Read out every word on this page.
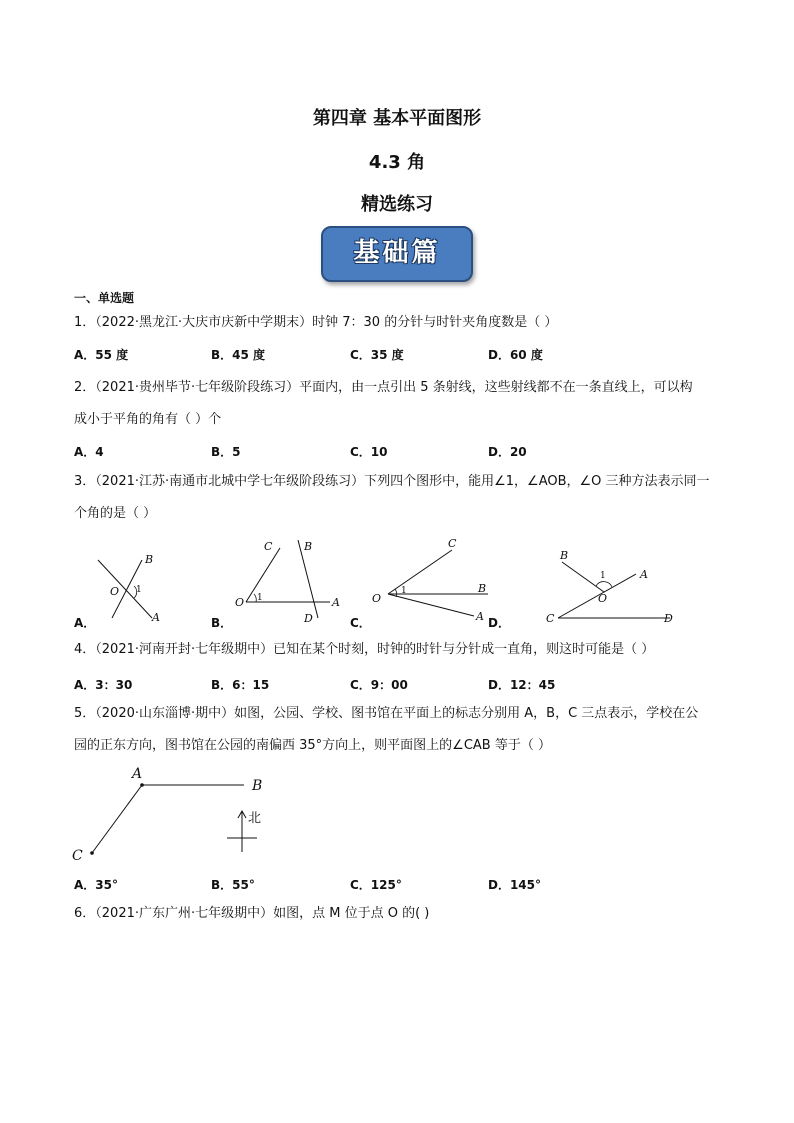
第四章 基本平面图形
4.3 角
精选练习
基础篇
一、单选题
1．（2022·黑龙江·大庆市庆新中学期末）时钟 7：30 的分针与时针夹角度数是（ ）
A．55 度	B．45 度	C．35 度	D．60 度
2．（2021·贵州毕节·七年级阶段练习）平面内，由一点引出 5 条射线，这些射线都不在一条直线上，可以构
成小于平角的角有（ ）个
A．4	B．5	C．10	D．20
3．（2021·江苏·南通市北城中学七年级阶段练习）下列四个图形中，能用∠1，∠AOB，∠O 三种方法表示同一
个角的是（ ）
B
O 1
A
A．
C	B
O 1	A
D
B．
C
O
1	B
A
C．
B
1	A
O
C	D
D．
4．（2021·河南开封·七年级期中）已知在某个时刻，时钟的时针与分针成一直角，则这时可能是（ ）
A．3：30	B．6：15	C．9：00	D．12：45
5．（2020·山东淄博·期中）如图，公园、学校、图书馆在平面上的标志分别用 A，B，C 三点表示，学校在公
园的正东方向，图书馆在公园的南偏西 35°方向上，则平面图上的∠CAB 等于（ ）
A
B
C
北
A．35°	B．55°	C．125°	D．145°
6．（2021·广东广州·七年级期中）如图，点 M 位于点 O 的( )
